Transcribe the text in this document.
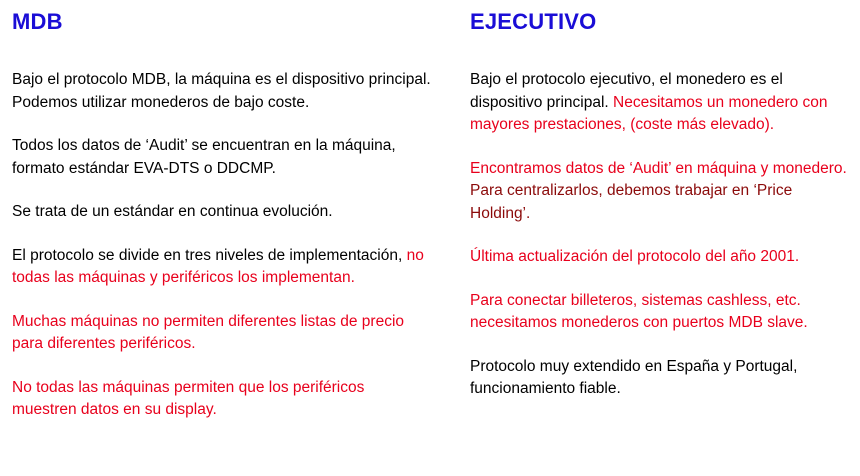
MDB

Bajo el protocolo MDB, la máquina es el dispositivo principal. Podemos utilizar monederos de bajo coste.

Todos los datos de ‘Audit’ se encuentran en la máquina, formato estándar EVA-DTS o DDCMP.

Se trata de un estándar en continua evolución.

El protocolo se divide en tres niveles de implementación, no todas las máquinas y periféricos los implementan.

Muchas máquinas no permiten diferentes listas de precio para diferentes periféricos.

No todas las máquinas permiten que los periféricos muestren datos en su display.

EJECUTIVO

Bajo el protocolo ejecutivo, el monedero es el dispositivo principal. Necesitamos un monedero con mayores prestaciones, (coste más elevado).

Encontramos datos de ‘Audit’ en máquina y monedero. Para centralizarlos, debemos trabajar en ‘Price Holding’.

Última actualización del protocolo del año 2001.

Para conectar billeteros, sistemas cashless, etc. necesitamos monederos con puertos MDB slave.

Protocolo muy extendido en España y Portugal, funcionamiento fiable.
